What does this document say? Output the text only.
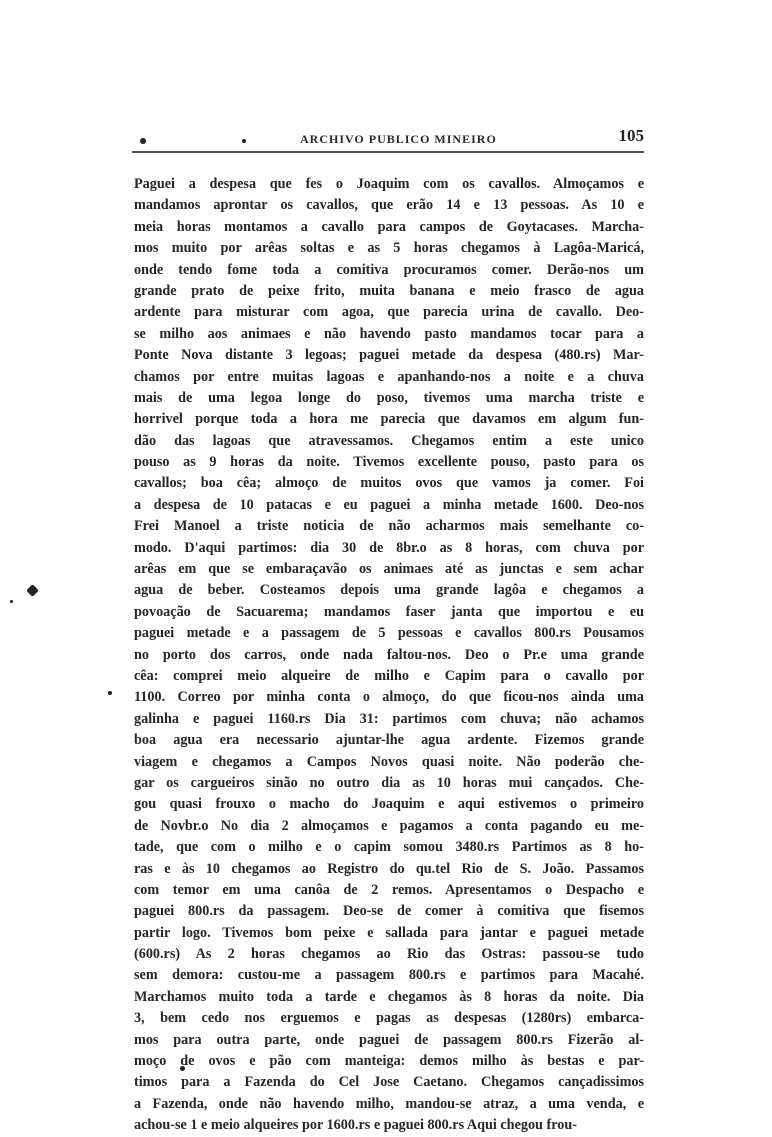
ARCHIVO PUBLICO MINEIRO	105
Paguei a despesa que fes o Joaquim com os cavallos. Almoçamos e
mandamos aprontar os cavallos, que erão 14 e 13 pessoas. As 10 e
meia horas montamos a cavallo para campos de Goytacases. Marcha-
mos muito por arêas soltas e as 5 horas chegamos à Lagôa-Maricá,
onde tendo fome toda a comitiva procuramos comer. Derão-nos um
grande prato de peixe frito, muita banana e meio frasco de agua
ardente para misturar com agoa, que parecia urina de cavallo. Deo-
se milho aos animaes e não havendo pasto mandamos tocar para a
Ponte Nova distante 3 legoas; paguei metade da despesa (480.rs) Mar-
chamos por entre muitas lagoas e apanhando-nos a noite e a chuva
mais de uma legoa longe do poso, tivemos uma marcha triste e
horrivel porque toda a hora me parecia que davamos em algum fun-
dão das lagoas que atravessamos. Chegamos entim a este unico
pouso as 9 horas da noite. Tivemos excellente pouso, pasto para os
cavallos; boa cêa; almoço de muitos ovos que vamos ja comer. Foi
a despesa de 10 patacas e eu paguei a minha metade 1600. Deo-nos
Frei Manoel a triste noticia de não acharmos mais semelhante co-
modo. D'aqui partimos: dia 30 de 8br.o as 8 horas, com chuva por
arêas em que se embaraçavão os animaes até as junctas e sem achar
agua de beber. Costeamos depois uma grande lagôa e chegamos a
povoação de Sacuarema; mandamos faser janta que importou e eu
paguei metade e a passagem de 5 pessoas e cavallos 800.rs Pousamos
no porto dos carros, onde nada faltou-nos. Deo o Pr.e uma grande
cêa: comprei meio alqueire de milho e Capim para o cavallo por
1100. Correo por minha conta o almoço, do que ficou-nos ainda uma
galinha e paguei 1160.rs Dia 31: partimos com chuva; não achamos
boa agua era necessario ajuntar-lhe agua ardente. Fizemos grande
viagem e chegamos a Campos Novos quasi noite. Não poderão che-
gar os cargueiros sinão no outro dia as 10 horas mui cançados. Che-
gou quasi frouxo o macho do Joaquim e aqui estivemos o primeiro
de Novbr.o No dia 2 almoçamos e pagamos a conta pagando eu me-
tade, que com o milho e o capim somou 3480.rs Partimos as 8 ho-
ras e às 10 chegamos ao Registro do qu.tel Rio de S. João. Passamos
com temor em uma canôa de 2 remos. Apresentamos o Despacho e
paguei 800.rs da passagem. Deo-se de comer à comitiva que fisemos
partir logo. Tivemos bom peixe e sallada para jantar e paguei metade
(600.rs) As 2 horas chegamos ao Rio das Ostras: passou-se tudo
sem demora: custou-me a passagem 800.rs e partimos para Macahé.
Marchamos muito toda a tarde e chegamos às 8 horas da noite. Dia
3, bem cedo nos erguemos e pagas as despesas (1280rs) embarca-
mos para outra parte, onde paguei de passagem 800.rs Fizerão al-
moço de ovos e pão com manteiga: demos milho às bestas e par-
timos para a Fazenda do Cel Jose Caetano. Chegamos cançadissimos
a Fazenda, onde não havendo milho, mandou-se atraz, a uma venda, e
achou-se 1 e meio alqueires por 1600.rs e paguei 800.rs Aqui chegou frou-
